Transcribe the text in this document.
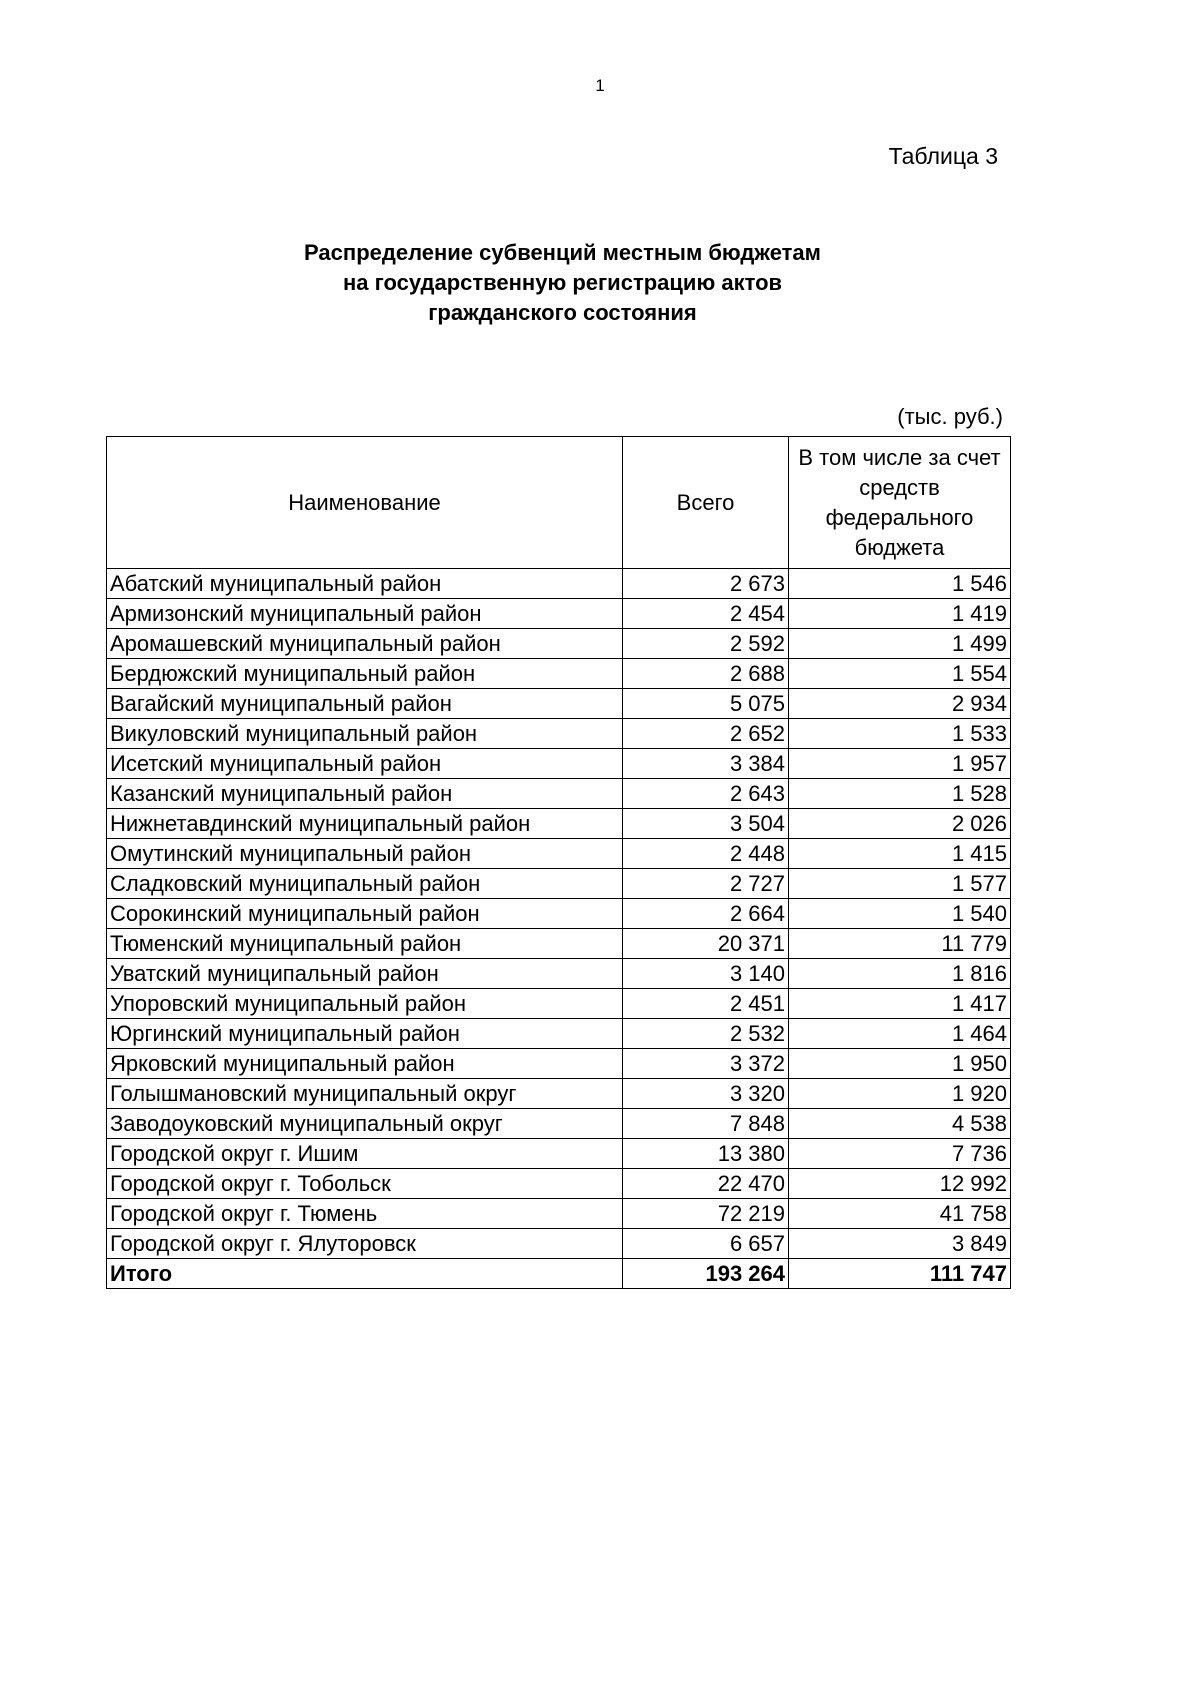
1
Таблица 3
Распределение субвенций местным бюджетам
на государственную регистрацию актов
гражданского состояния
(тыс. руб.)
Наименование	Всего	В том числе за счет средств федерального бюджета
Абатский муниципальный район	2 673	1 546
Армизонский муниципальный район	2 454	1 419
Аромашевский муниципальный район	2 592	1 499
Бердюжский муниципальный район	2 688	1 554
Вагайский муниципальный район	5 075	2 934
Викуловский муниципальный район	2 652	1 533
Исетский муниципальный район	3 384	1 957
Казанский муниципальный район	2 643	1 528
Нижнетавдинский муниципальный район	3 504	2 026
Омутинский муниципальный район	2 448	1 415
Сладковский муниципальный район	2 727	1 577
Сорокинский муниципальный район	2 664	1 540
Тюменский муниципальный район	20 371	11 779
Уватский муниципальный район	3 140	1 816
Упоровский муниципальный район	2 451	1 417
Юргинский муниципальный район	2 532	1 464
Ярковский муниципальный район	3 372	1 950
Голышмановский муниципальный округ	3 320	1 920
Заводоуковский муниципальный округ	7 848	4 538
Городской округ г. Ишим	13 380	7 736
Городской округ г. Тобольск	22 470	12 992
Городской округ г. Тюмень	72 219	41 758
Городской округ г. Ялуторовск	6 657	3 849
Итого	193 264	111 747
